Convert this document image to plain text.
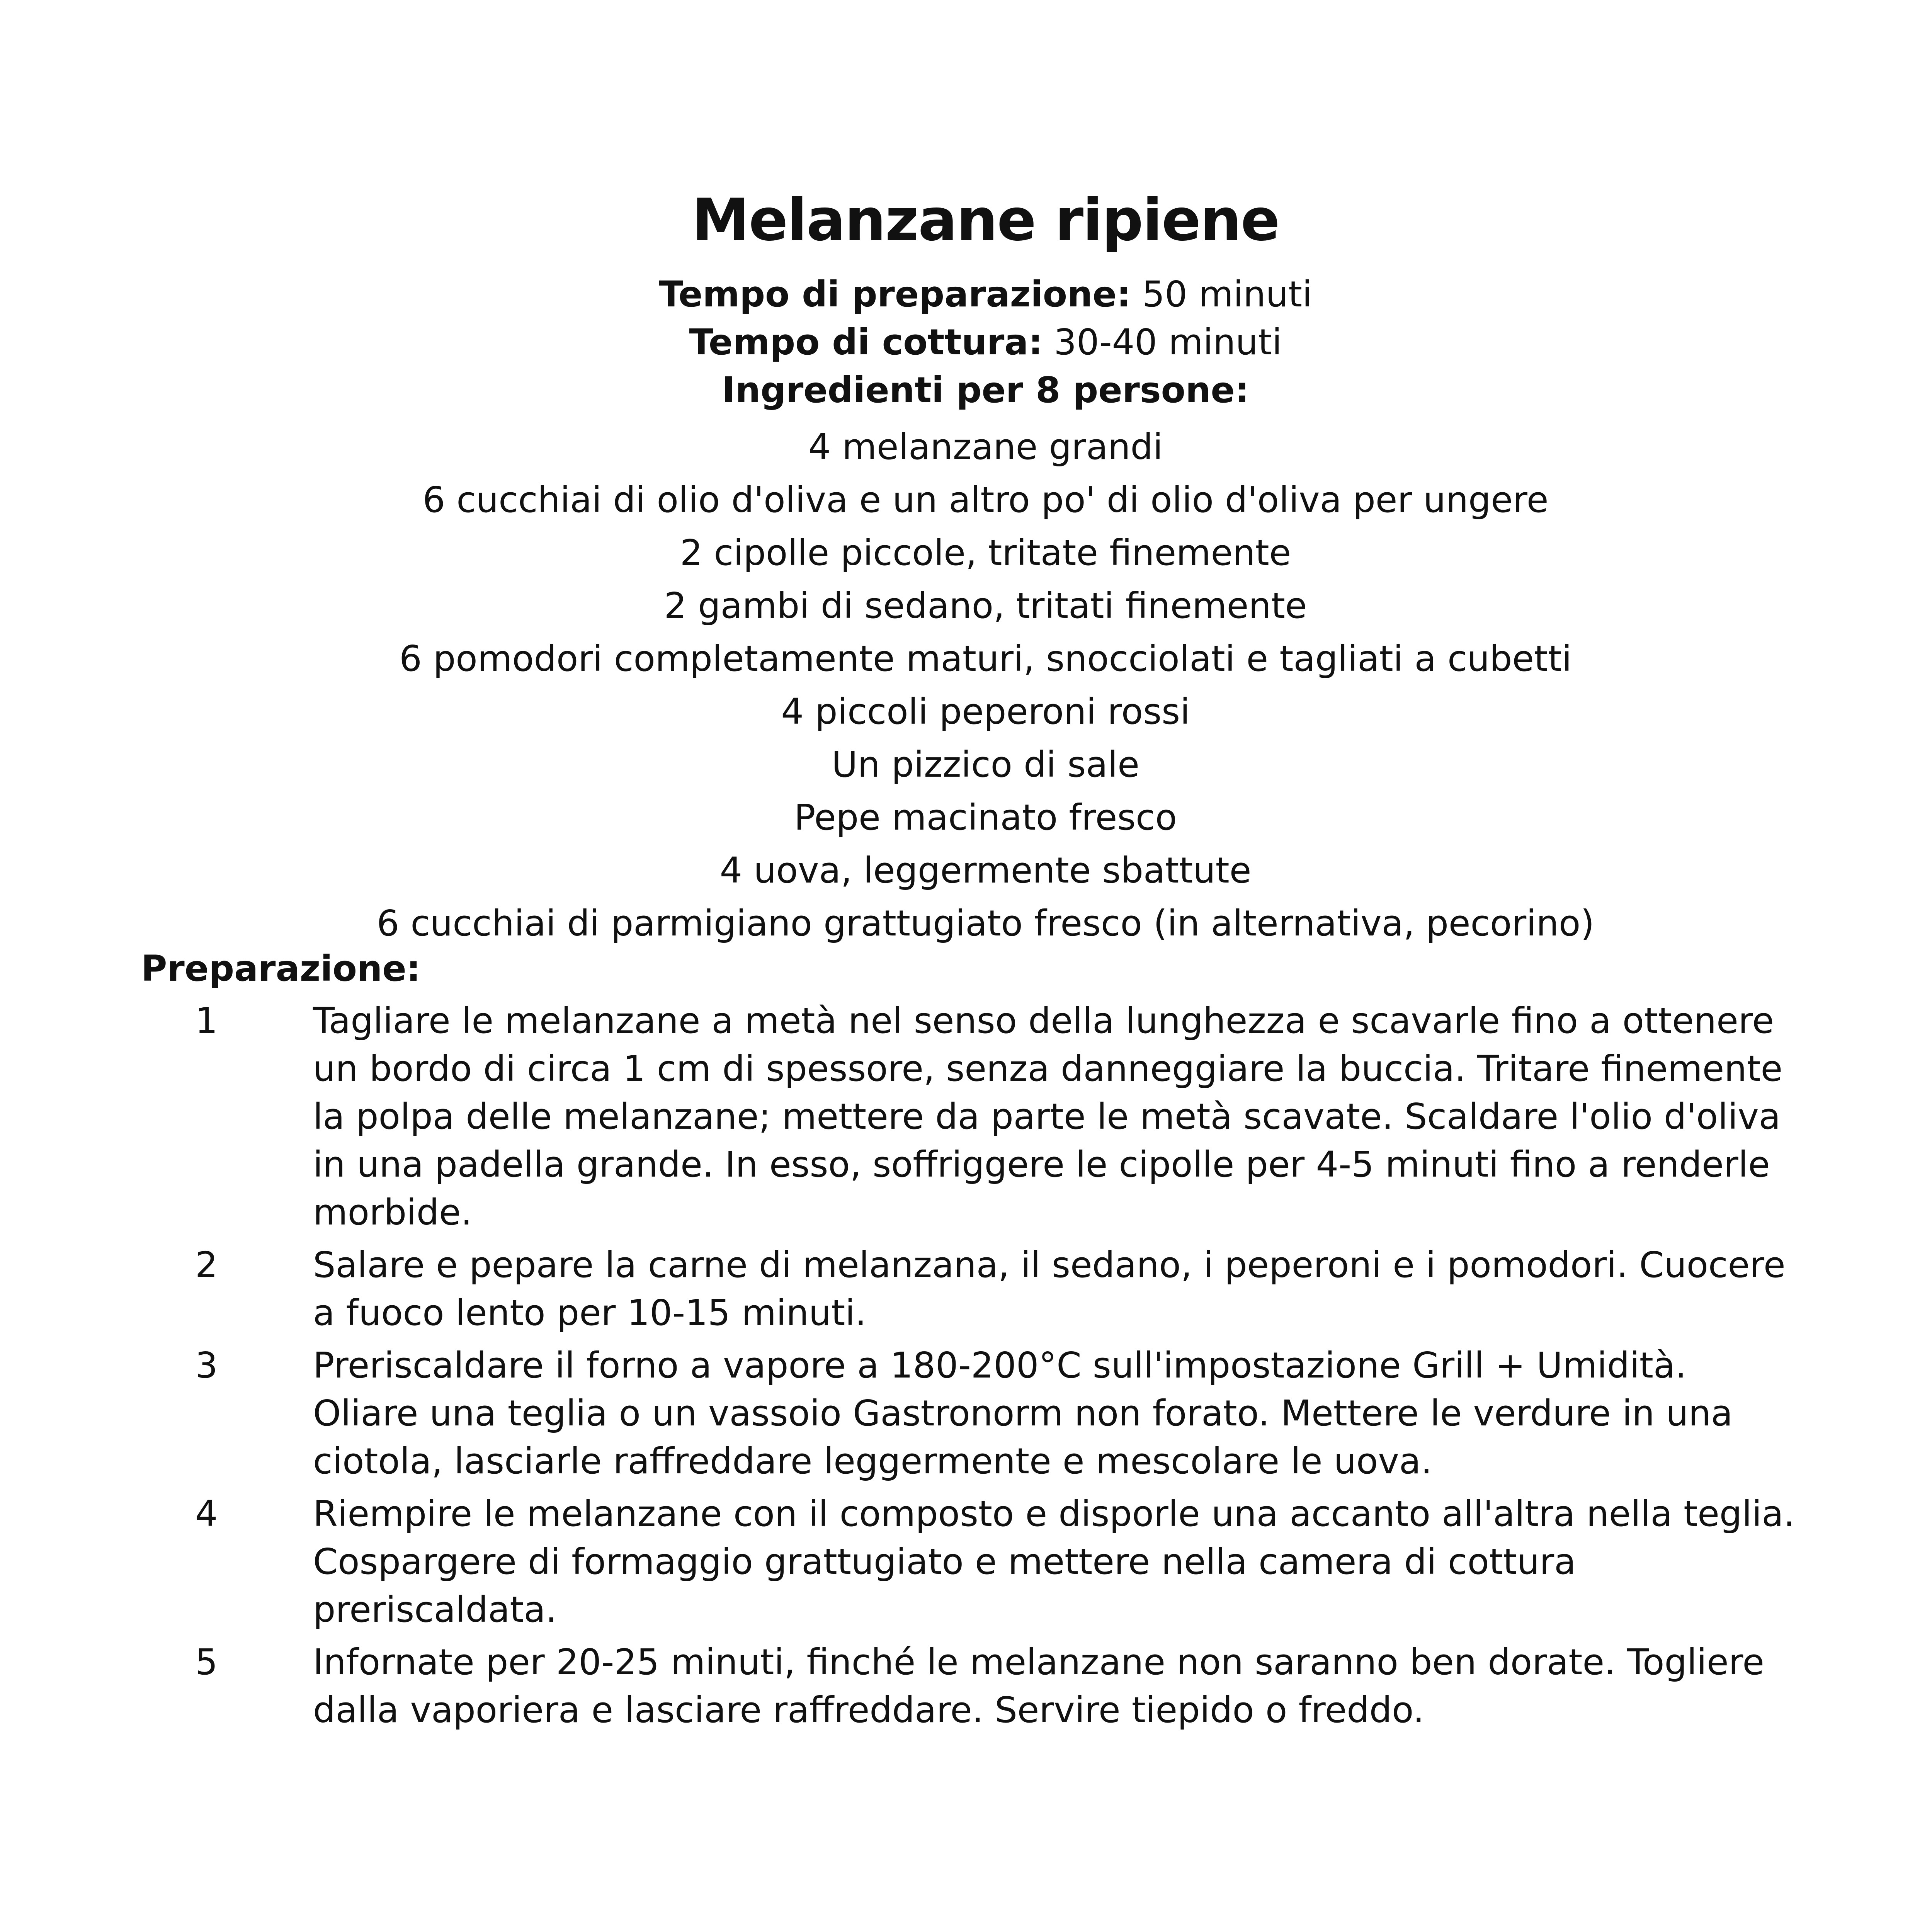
Melanzane ripiene
Tempo di preparazione: 50 minuti
Tempo di cottura: 30-40 minuti
Ingredienti per 8 persone:
4 melanzane grandi
6 cucchiai di olio d'oliva e un altro po' di olio d'oliva per ungere
2 cipolle piccole, tritate finemente
2 gambi di sedano, tritati finemente
6 pomodori completamente maturi, snocciolati e tagliati a cubetti
4 piccoli peperoni rossi
Un pizzico di sale
Pepe macinato fresco
4 uova, leggermente sbattute
6 cucchiai di parmigiano grattugiato fresco (in alternativa, pecorino)
Preparazione:
1	Tagliare le melanzane a metà nel senso della lunghezza e scavarle fino a ottenere un bordo di circa 1 cm di spessore, senza danneggiare la buccia. Tritare finemente la polpa delle melanzane; mettere da parte le metà scavate. Scaldare l'olio d'oliva in una padella grande. In esso, soffriggere le cipolle per 4-5 minuti fino a renderle morbide.
2	Salare e pepare la carne di melanzana, il sedano, i peperoni e i pomodori. Cuocere a fuoco lento per 10-15 minuti.
3	Preriscaldare il forno a vapore a 180-200°C sull'impostazione Grill + Umidità. Oliare una teglia o un vassoio Gastronorm non forato. Mettere le verdure in una ciotola, lasciarle raffreddare leggermente e mescolare le uova.
4	Riempire le melanzane con il composto e disporle una accanto all'altra nella teglia. Cospargere di formaggio grattugiato e mettere nella camera di cottura preriscaldata.
5	Infornate per 20-25 minuti, finché le melanzane non saranno ben dorate. Togliere dalla vaporiera e lasciare raffreddare. Servire tiepido o freddo.
